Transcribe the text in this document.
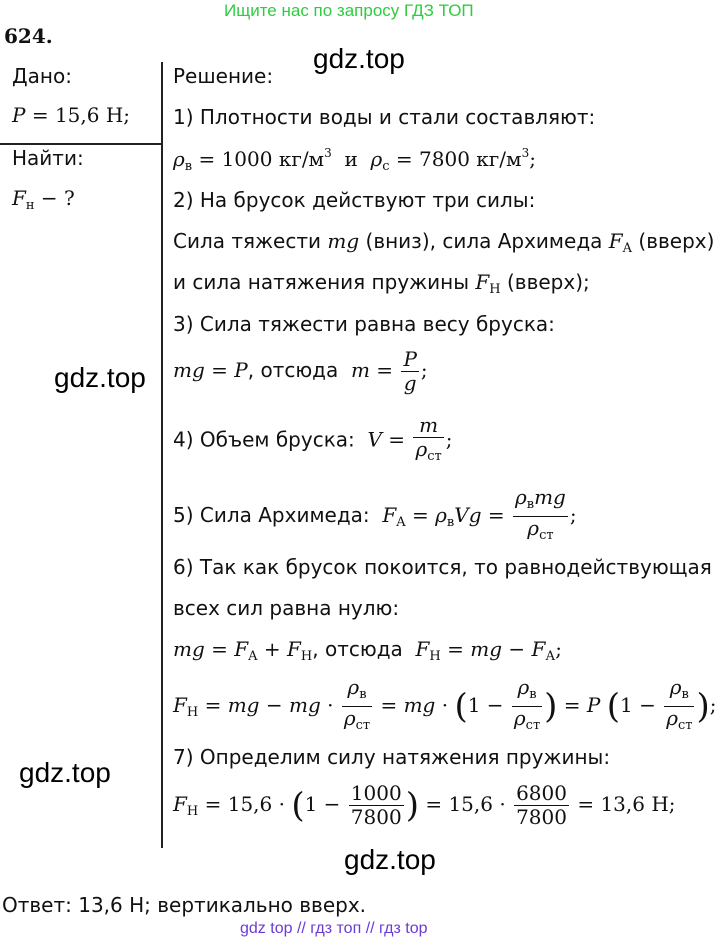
Ищите нас по запросу ГДЗ ТОП
624.
Дано:
P = 15,6 Н;
Найти:
$F_н$ − ?
Решение:
1) Плотности воды и стали составляют:
$\rho_в = 1000$ $кг/м^3$  и  $\rho_c = 7800$ $кг/м^3$;
2) На брусок действуют три силы:
Сила тяжести mg (вниз), сила Архимеда $F_A$ (вверх)
и сила натяжения пружины $F_Н$ (вверх);
3) Сила тяжести равна весу бруска:
mg = P, отсюда $m = \frac{P}{g}$ ;
4) Объем бруска: $V = \frac{m}{\rho_{ст}}$ ;
5) Сила Архимеда: $F_A = \rho_вVg = \frac{\rho_вmg}{\rho_{ст}}$ ;
6) Так как брусок покоится, то равнодействующая
всех сил равна нулю:
mg = $F_A + F_Н$, отсюда $F_Н$ = mg − $F_А$;
$F_Н$ = mg − mg · $\frac{\rho_в}{\rho_{ст}}$ = mg · ($1 - \frac{\rho_в}{\rho_{ст}}$ ) = P ($1 - \frac{\rho_в}{\rho_{ст}}$ );
7) Определим силу натяжения пружины:
$F_Н = 15,6 \cdot (1 - \frac{1000}{7800}$ ) = $15,6 \cdot \frac{6800}{7800} = 13,6$ Н;
Ответ: 13,6 Н; вертикально вверх.
gdz.top
gdz.top
gdz.top
gdz.top
gdz top // гдз топ // гдз top
